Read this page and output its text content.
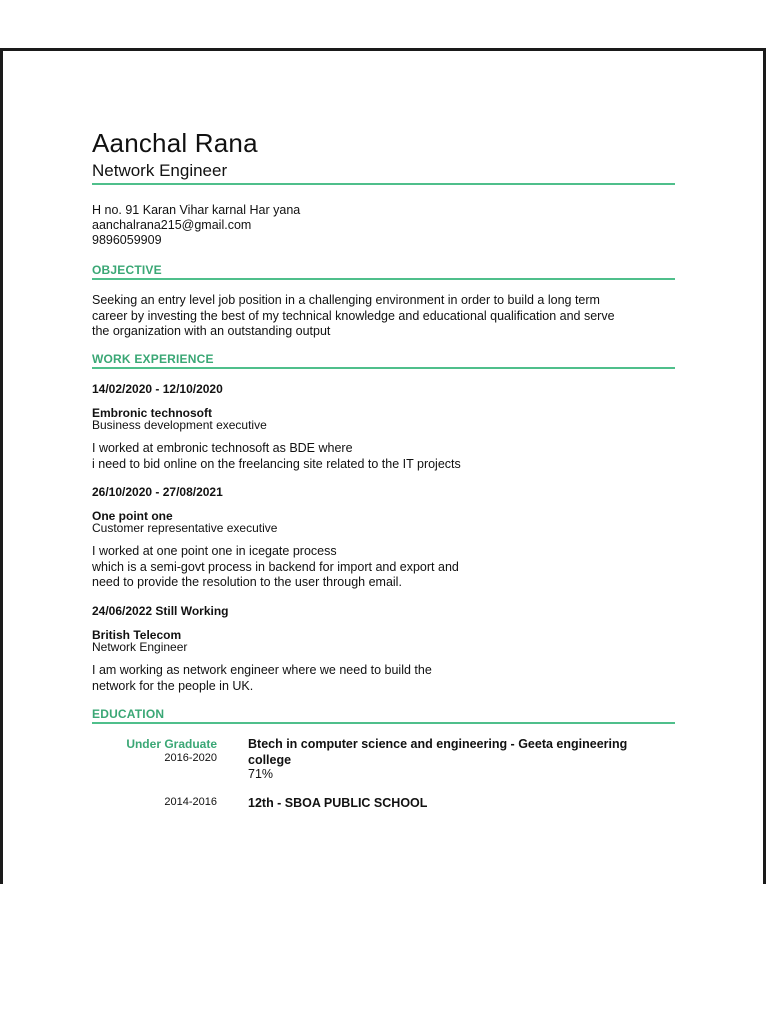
Aanchal Rana
Network Engineer
H no. 91 Karan Vihar karnal Har yana
aanchalrana215@gmail.com
9896059909
OBJECTIVE
Seeking an entry level job position in a challenging environment in order to build a long term
career by investing the best of my technical knowledge and educational qualification and serve
the organization with an outstanding output
WORK EXPERIENCE
14/02/2020 - 12/10/2020
Embronic technosoft
Business development executive
I worked at embronic technosoft as BDE where
i need to bid online on the freelancing site related to the IT projects
26/10/2020 - 27/08/2021
One point one
Customer representative executive
I worked at one point one in icegate process
which is a semi-govt process in backend for import and export and
need to provide the resolution to the user through email.
24/06/2022 Still Working
British Telecom
Network Engineer
I am working as network engineer where we need to build the
network for the people in UK.
EDUCATION
Under Graduate
2016-2020
Btech in computer science and engineering - Geeta engineering
college
71%
2014-2016 12th - SBOA PUBLIC SCHOOL
